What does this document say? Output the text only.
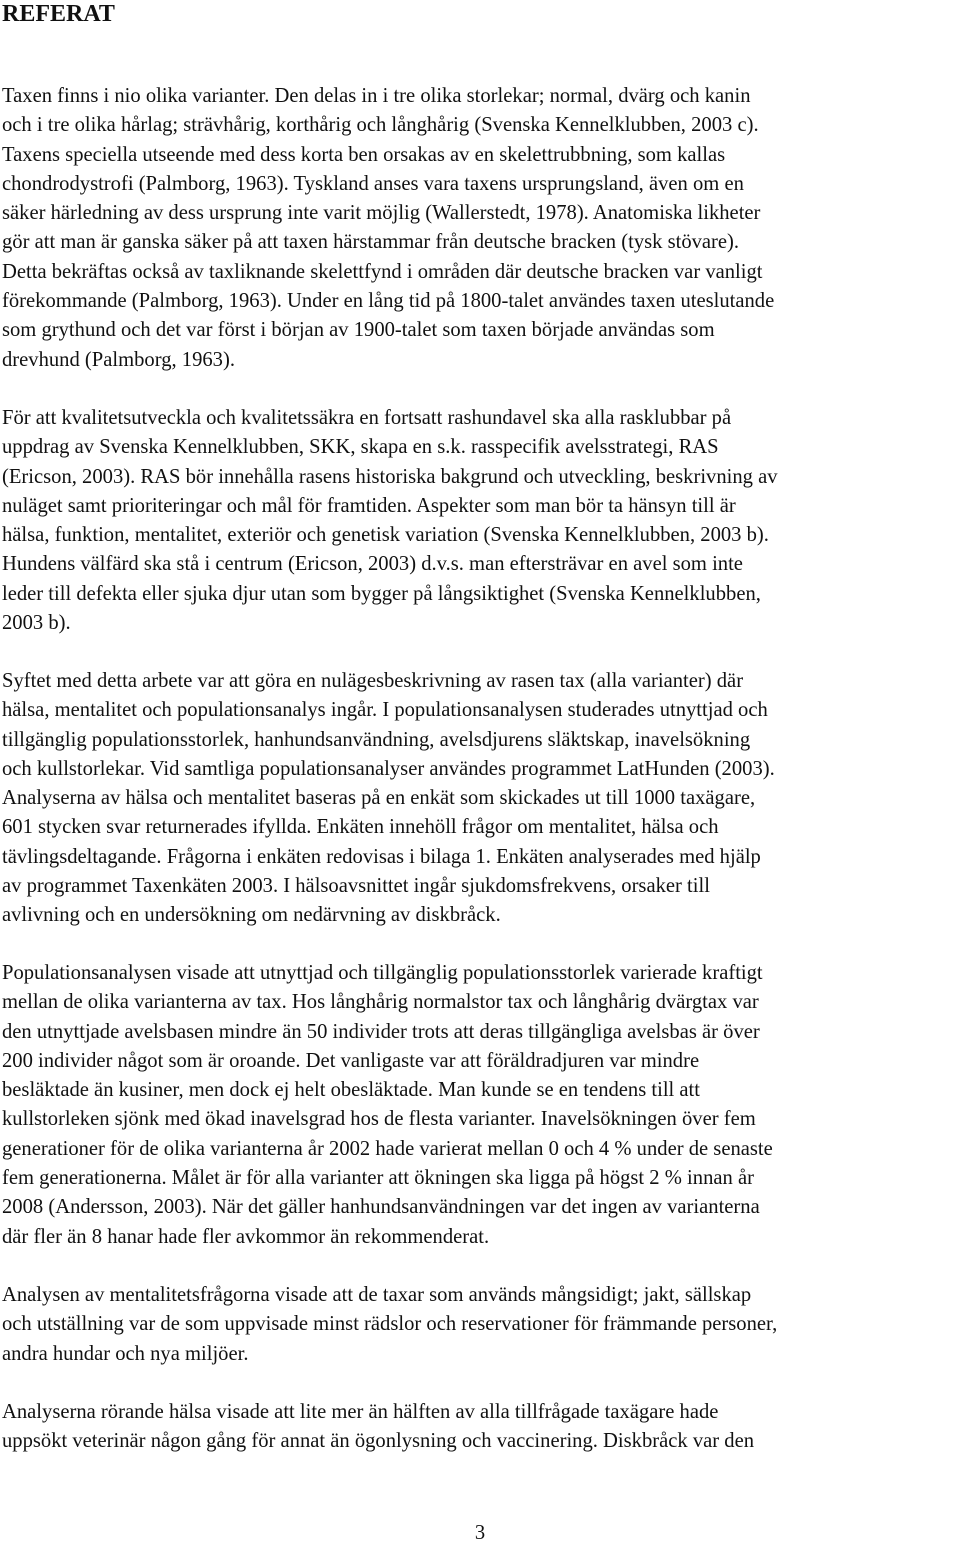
REFERAT
Taxen finns i nio olika varianter. Den delas in i tre olika storlekar; normal, dvärg och kanin
och i tre olika hårlag; strävhårig, korthårig och långhårig (Svenska Kennelklubben, 2003 c).
Taxens speciella utseende med dess korta ben orsakas av en skelettrubbning, som kallas
chondrodystrofi (Palmborg, 1963). Tyskland anses vara taxens ursprungsland, även om en
säker härledning av dess ursprung inte varit möjlig (Wallerstedt, 1978). Anatomiska likheter
gör att man är ganska säker på att taxen härstammar från deutsche bracken (tysk stövare).
Detta bekräftas också av taxliknande skelettfynd i områden där deutsche bracken var vanligt
förekommande (Palmborg, 1963). Under en lång tid på 1800-talet användes taxen uteslutande
som grythund och det var först i början av 1900-talet som taxen började användas som
drevhund (Palmborg, 1963).
För att kvalitetsutveckla och kvalitetssäkra en fortsatt rashundavel ska alla rasklubbar på
uppdrag av Svenska Kennelklubben, SKK, skapa en s.k. rasspecifik avelsstrategi, RAS
(Ericson, 2003). RAS bör innehålla rasens historiska bakgrund och utveckling, beskrivning av
nuläget samt prioriteringar och mål för framtiden. Aspekter som man bör ta hänsyn till är
hälsa, funktion, mentalitet, exteriör och genetisk variation (Svenska Kennelklubben, 2003 b).
Hundens välfärd ska stå i centrum (Ericson, 2003) d.v.s. man eftersträvar en avel som inte
leder till defekta eller sjuka djur utan som bygger på långsiktighet (Svenska Kennelklubben,
2003 b).
Syftet med detta arbete var att göra en nulägesbeskrivning av rasen tax (alla varianter) där
hälsa, mentalitet och populationsanalys ingår. I populationsanalysen studerades utnyttjad och
tillgänglig populationsstorlek, hanhundsanvändning, avelsdjurens släktskap, inavelsökning
och kullstorlekar. Vid samtliga populationsanalyser användes programmet LatHunden (2003).
Analyserna av hälsa och mentalitet baseras på en enkät som skickades ut till 1000 taxägare,
601 stycken svar returnerades ifyllda. Enkäten innehöll frågor om mentalitet, hälsa och
tävlingsdeltagande. Frågorna i enkäten redovisas i bilaga 1. Enkäten analyserades med hjälp
av programmet Taxenkäten 2003. I hälsoavsnittet ingår sjukdomsfrekvens, orsaker till
avlivning och en undersökning om nedärvning av diskbråck.
Populationsanalysen visade att utnyttjad och tillgänglig populationsstorlek varierade kraftigt
mellan de olika varianterna av tax. Hos långhårig normalstor tax och långhårig dvärgtax var
den utnyttjade avelsbasen mindre än 50 individer trots att deras tillgängliga avelsbas är över
200 individer något som är oroande. Det vanligaste var att föräldradjuren var mindre
besläktade än kusiner, men dock ej helt obesläktade. Man kunde se en tendens till att
kullstorleken sjönk med ökad inavelsgrad hos de flesta varianter. Inavelsökningen över fem
generationer för de olika varianterna år 2002 hade varierat mellan 0 och 4 % under de senaste
fem generationerna. Målet är för alla varianter att ökningen ska ligga på högst 2 % innan år
2008 (Andersson, 2003). När det gäller hanhundsanvändningen var det ingen av varianterna
där fler än 8 hanar hade fler avkommor än rekommenderat.
Analysen av mentalitetsfrågorna visade att de taxar som används mångsidigt; jakt, sällskap
och utställning var de som uppvisade minst rädslor och reservationer för främmande personer,
andra hundar och nya miljöer.
Analyserna rörande hälsa visade att lite mer än hälften av alla tillfrågade taxägare hade
uppsökt veterinär någon gång för annat än ögonlysning och vaccinering. Diskbråck var den
3
